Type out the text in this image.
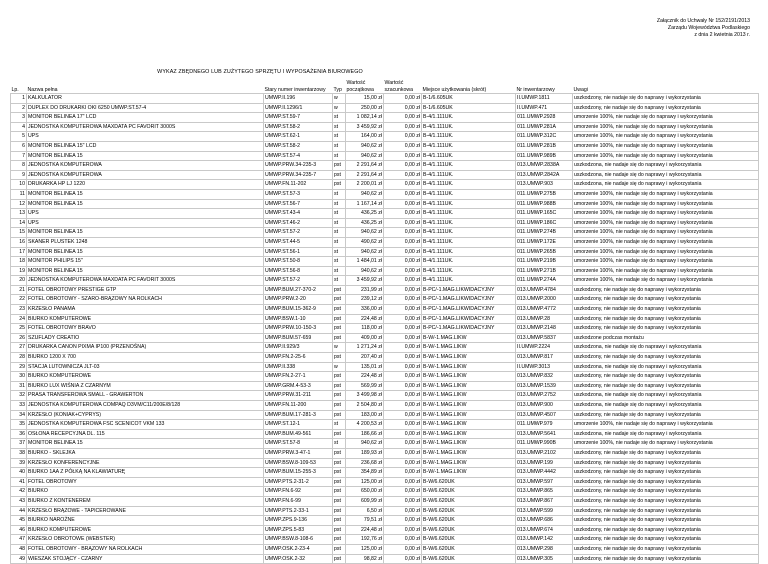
Załącznik do Uchwały Nr 152/2191/2013
Zarządu Województwa Podlaskiego
z dnia 2 kwietnia 2013 r.
WYKAZ ZBĘDNEGO LUB ZUŻYTEGO SPRZĘTU I WYPOSAŻENIA BIUROWEGO
Lp.	Nazwa pełna	Stary numer inwentarzowy	Typ	Wartość początkowa	Wartość szacunkowa	Miejsce użytkowania (skrót)	Nr inwentarzowy	Uwagi
1	KALKULATOR	UMWP.II.196	w	15,00 zł	0,00 zł	B-1/6.605UK	II.UMWP.1811	uszkodzony, nie nadaje się do naprawy i wykorzystania
2	DUPLEX DO DRUKARKI OKI 6250 UMWP.ST.57-4	UMWP.II.1296/1	w	250,00 zł	0,00 zł	B-1/6.605UK	II.UMWP.471	uszkodzony, nie nadaje się do naprawy i wykorzystania
3	MONITOR BELINEA 17" LCD	UMWP.ST.59-7	st	1 082,14 zł	0,00 zł	B-4/1.111UK.	011.UMWP.2928	umorzenie 100%, nie nadaje się do naprawy i wykorzystania
4	JEDNOSTKA KOMPUTEROWA MAXDATA PC FAVORIT 3000S	UMWP.ST.58-2	st	3 459,92 zł	0,00 zł	B-4/1.111UK.	011.UMWP.281A	umorzenie 100%, nie nadaje się do naprawy i wykorzystania
5	UPS	UMWP.ST.62-1	st	164,00 zł	0,00 zł	B-4/1.111UK.	011.UMWP.312C	umorzenie 100%, nie nadaje się do naprawy i wykorzystania
6	MONITOR BELINEA 15" LCD	UMWP.ST.58-2	st	940,62 zł	0,00 zł	B-4/1.111UK.	011.UMWP.281B	umorzenie 100%, nie nadaje się do naprawy i wykorzystania
7	MONITOR BELINEA 15	UMWP.ST.57-4	st	940,62 zł	0,00 zł	B-4/1.111UK.	011.UMWP.989B	umorzenie 100%, nie nadaje się do naprawy i wykorzystania
8	JEDNOSTKA KOMPUTEROWA	UMWP.PRW.34-235-3	pst	2 291,64 zł	0,00 zł	B-4/1.111UK.	013.UMWP.2838A	uszkodzona, nie nadaje się do naprawy i wykorzystania
9	JEDNOSTKA KOMPUTEROWA	UMWP.PRW.34-235-7	pst	2 291,64 zł	0,00 zł	B-4/1.111UK.	013.UMWP.2842A	uszkodzona, nie nadaje się do naprawy i wykorzystania
10	DRUKARKA HP LJ 1220	UMWP.FN.11-202	pst	2 200,01 zł	0,00 zł	B-4/1.111UK.	013.UMWP.903	uszkodzona, nie nadaje się do naprawy i wykorzystania
11	MONITOR BELINEA 15	UMWP.ST.57-3	st	940,62 zł	0,00 zł	B-4/1.111UK.	011.UMWP.275B	umorzenie 100%, nie nadaje się do naprawy i wykorzystania
12	MONITOR BELINEA 15	UMWP.ST.56-7	st	1 167,14 zł	0,00 zł	B-4/1.111UK.	011.UMWP.988B	umorzenie 100%, nie nadaje się do naprawy i wykorzystania
13	UPS	UMWP.ST.43-4	st	436,25 zł	0,00 zł	B-4/1.111UK.	011.UMWP.165C	umorzenie 100%, nie nadaje się do naprawy i wykorzystania
14	UPS	UMWP.ST.46-2	st	436,25 zł	0,00 zł	B-4/1.111UK.	011.UMWP.186C	umorzenie 100%, nie nadaje się do naprawy i wykorzystania
15	MONITOR BELINEA 15	UMWP.ST.57-2	st	940,62 zł	0,00 zł	B-4/1.111UK.	011.UMWP.274B	umorzenie 100%, nie nadaje się do naprawy i wykorzystania
16	SKANER PLUSTEK 1248	UMWP.ST.44-5	st	490,62 zł	0,00 zł	B-4/1.111UK.	011.UMWP.172E	umorzenie 100%, nie nadaje się do naprawy i wykorzystania
17	MONITOR BELINEA 15	UMWP.ST.56-1	st	940,62 zł	0,00 zł	B-4/1.111UK.	011.UMWP.265B	umorzenie 100%, nie nadaje się do naprawy i wykorzystania
18	MONITOR PHILIPS 15"	UMWP.ST.50-8	st	1 484,01 zł	0,00 zł	B-4/1.111UK.	011.UMWP.219B	umorzenie 100%, nie nadaje się do naprawy i wykorzystania
19	MONITOR BELINEA 15	UMWP.ST.56-8	st	940,62 zł	0,00 zł	B-4/1.111UK.	011.UMWP.271B	umorzenie 100%, nie nadaje się do naprawy i wykorzystania
20	JEDNOSTKA KOMPUTEROWA MAXDATA PC FAVORIT 3000S	UMWP.ST.57-2	st	3 459,92 zł	0,00 zł	B-4/1.111UK.	011.UMWP.274A	umorzenie 100%, nie nadaje się do naprawy i wykorzystania
21	FOTEL OBROTOWY PRESTIGE GTP	UMWP.BUM.27-370-2	pst	231,99 zł	0,00 zł	B-PC/-1.MAG.LIKWIDACYJNY	013.UMWP.4784	uszkodzony, nie nadaje się do naprawy i wykorzystania
22	FOTEL OBROTOWY - SZARO-BRĄZOWY NA ROLKACH	UMWP.PRW.2-20	pst	239,12 zł	0,00 zł	B-PC/-1.MAG.LIKWIDACYJNY	013.UMWP.2000	uszkodzony, nie nadaje się do naprawy i wykorzystania
23	KRZESŁO PANAMA	UMWP.BUM.15-362-9	pst	336,00 zł	0,00 zł	B-PC/-1.MAG.LIKWIDACYJNY	013.UMWP.4772	uszkodzony, nie nadaje się do naprawy i wykorzystania
24	BIURKO KOMPUTEROWE	UMWP.BSW.1-10	pst	224,48 zł	0,00 zł	B-PC/-1.MAG.LIKWIDACYJNY	013.UMWP.28	uszkodzony, nie nadaje się do naprawy i wykorzystania
25	FOTEL OBROTOWY BRAVO	UMWP.PRW.10-150-3	pst	118,00 zł	0,00 zł	B-PC/-1.MAG.LIKWIDACYJNY	013.UMWP.2148	uszkodzony, nie nadaje się do naprawy i wykorzystania
26	SZUFLADY CREATIO	UMWP.BUM.57-659	pst	409,00 zł	0,00 zł	B-W/-1.MAG.LIKW	013.UMWP.5837	uszkodzone podczas montażu
27	DRUKARKA CANON PIXMA IP100 (PRZENOŚNA)	UMWP.II.929/3	w	1 271,24 zł	0,00 zł	B-W/-1.MAG.LIKW	II.UMWP.2224	uszkodzona, nie nadaje się do naprawy i wykorzystania
28	BIURKO 1200 X 700	UMWP.FN.2-25-6	pst	207,40 zł	0,00 zł	B-W/-1.MAG.LIKW	013.UMWP.817	uszkodzony, nie nadaje się do naprawy i wykorzystania
29	STACJA LUTOWNICZA JLT-03	UMWP.II.338	w	135,01 zł	0,00 zł	B-W/-1.MAG.LIKW	II.UMWP.3013	uszkodzona, nie nadaje się do naprawy i wykorzystania
30	BIURKO KOMPUTEROWE	UMWP.FN.2-27-1	pst	224,48 zł	0,00 zł	B-W/-1.MAG.LIKW	013.UMWP.832	uszkodzony, nie nadaje się do naprawy i wykorzystania
31	BIURKO LUX WIŚNIA Z CZARNYM	UMWP.GRM.4-53-3	pst	569,99 zł	0,00 zł	B-W/-1.MAG.LIKW	013.UMWP.1539	uszkodzony, nie nadaje się do naprawy i wykorzystania
32	PRASA TRANSFEROWA SMALL - GRAWERTON	UMWP.PRW.31-211	pst	3 499,98 zł	0,00 zł	B-W/-1.MAG.LIKW	013.UMWP.2752	uszkodzona, nie nadaje się do naprawy i wykorzystania
33	JEDNOSTKA KOMPUTEROWA COMPAQ D3VM/C11/200E/8/128	UMWP.FN.11-200	pst	2 504,80 zł	0,00 zł	B-W/-1.MAG.LIKW	013.UMWP.900	uszkodzona, nie nadaje się do naprawy i wykorzystania
34	KRZESŁO (KONIAK+CYPRYS)	UMWP.BUM.17-281-3	pst	183,00 zł	0,00 zł	B-W/-1.MAG.LIKW	013.UMWP.4507	uszkodzony, nie nadaje się do naprawy i wykorzystania
35	JEDNOSTKA KOMPUTEROWA FSC SCENICOT VKM 133	UMWP.ST.12-1	st	4 200,53 zł	0,00 zł	B-W/-1.MAG.LIKW	011.UMWP.979	umorzenie 100%, nie nadaje się do naprawy i wykorzystania
36	OSŁONA RECEPCYJNA DL. 115	UMWP.BUM.49-561	pst	186,66 zł	0,00 zł	B-W/-1.MAG.LIKW	013.UMWP.5641	uszkodzona, nie nadaje się do naprawy i wykorzystania
37	MONITOR BELINEA 15	UMWP.ST.57-8	st	940,62 zł	0,00 zł	B-W/-1.MAG.LIKW	011.UMWP.990B	umorzenie 100%, nie nadaje się do naprawy i wykorzystania
38	BIURKO - SKLEJKA	UMWP.PRW.3-47-1	pst	189,93 zł	0,00 zł	B-W/-1.MAG.LIKW	013.UMWP.2102	uszkodzony, nie nadaje się do naprawy i wykorzystania
39	KRZESŁO KONFERENCYJNE	UMWP.BSW.8-109-53	pst	236,68 zł	0,00 zł	B-W/-1.MAG.LIKW	013.UMWP.199	uszkodzony, nie nadaje się do naprawy i wykorzystania
40	BIURKO 1AA Z PÓŁKĄ NA KLAWIATURĘ	UMWP.BUM.15-255-3	pst	354,89 zł	0,00 zł	B-W/-1.MAG.LIKW	013.UMWP.4442	uszkodzony, nie nadaje się do naprawy i wykorzystania
41	FOTEL OBROTOWY	UMWP.PTS.2-31-2	pst	125,00 zł	0,00 zł	B-W/6.620UK	013.UMWP.597	uszkodzony, nie nadaje się do naprawy i wykorzystania
42	BIURKO	UMWP.FN.6-92	pst	650,00 zł	0,00 zł	B-W/6.620UK	013.UMWP.865	uszkodzony, nie nadaje się do naprawy i wykorzystania
43	BIURKO Z KONTENEREM	UMWP.FN.6-99	pst	609,99 zł	0,00 zł	B-W/6.620UK	013.UMWP.867	uszkodzony, nie nadaje się do naprawy i wykorzystania
44	KRZESŁO BRĄZOWE - TAPICEROWANE	UMWP.PTS.2-33-1	pst	6,50 zł	0,00 zł	B-W/6.620UK	013.UMWP.599	uszkodzony, nie nadaje się do naprawy i wykorzystania
45	BIURKO NAROŻNE	UMWP.ZPS.9-136	pst	79,51 zł	0,00 zł	B-W/6.620UK	013.UMWP.686	uszkodzony, nie nadaje się do naprawy i wykorzystania
46	BIURKO KOMPUTEROWE	UMWP.ZPS.5-83	pst	224,48 zł	0,00 zł	B-W/6.620UK	013.UMWP.674	uszkodzony, nie nadaje się do naprawy i wykorzystania
47	KRZESŁO OBROTOWE (WEBSTER)	UMWP.BSW.8-108-6	pst	192,76 zł	0,00 zł	B-W/6.620UK	013.UMWP.142	uszkodzony, nie nadaje się do naprawy i wykorzystania
48	FOTEL OBROTOWY - BRĄZOWY NA ROLKACH	UMWP.OSK.2-23-4	pst	125,00 zł	0,00 zł	B-W/6.620UK	013.UMWP.298	uszkodzony, nie nadaje się do naprawy i wykorzystania
49	WIESZAK STOJĄCY - CZARNY	UMWP.OSK.2-32	pst	98,82 zł	0,00 zł	B-W/6.620UK	013.UMWP.305	uszkodzony, nie nadaje się do naprawy i wykorzystania
